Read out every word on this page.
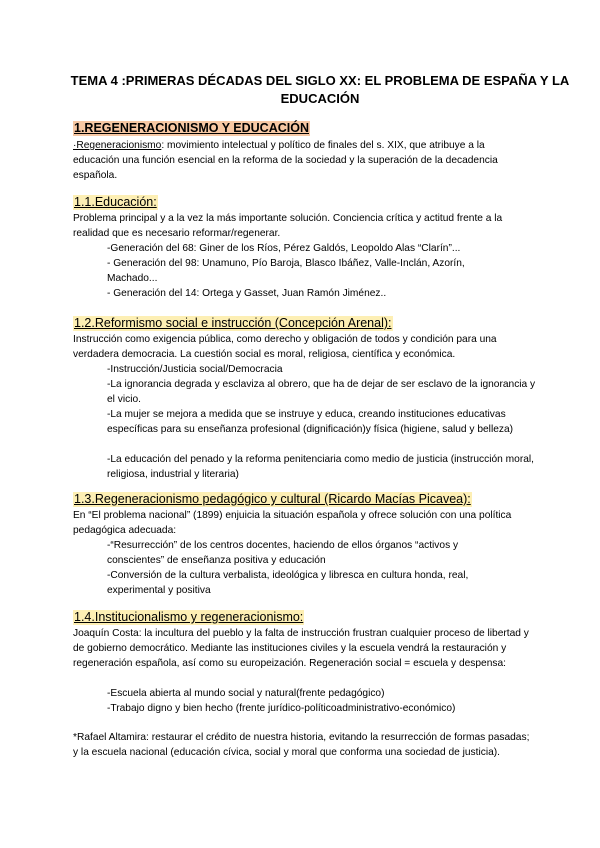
TEMA 4 :PRIMERAS DÉCADAS DEL SIGLO XX: EL PROBLEMA DE ESPAÑA Y LA EDUCACIÓN
1.REGENERACIONISMO Y EDUCACIÓN
·Regeneracionismo: movimiento intelectual y político de finales del s. XIX, que atribuye a la educación una función esencial en la reforma de la sociedad y la superación de la decadencia española.
1.1.Educación:
Problema principal y a la vez la más importante solución. Conciencia crítica y actitud frente a la realidad que es necesario reformar/regenerar.
-Generación del 68: Giner de los Ríos, Pérez Galdós, Leopoldo Alas “Clarín”...
- Generación del 98: Unamuno, Pío Baroja, Blasco Ibáñez, Valle-Inclán, Azorín, Machado...
- Generación del 14: Ortega y Gasset, Juan Ramón Jiménez..
1.2.Reformismo social e instrucción (Concepción Arenal):
Instrucción como exigencia pública, como derecho y obligación de todos y condición para una verdadera democracia. La cuestión social es moral, religiosa, científica y económica.
-Instrucción/Justicia social/Democracia
-La ignorancia degrada y esclaviza al obrero, que ha de dejar de ser esclavo de la ignorancia y el vicio.
-La mujer se mejora a medida que se instruye y educa, creando instituciones educativas específicas para su enseñanza profesional (dignificación)y física (higiene, salud y belleza)
-La educación del penado y la reforma penitenciaria como medio de justicia (instrucción moral, religiosa, industrial y literaria)
1.3.Regeneracionismo pedagógico y cultural (Ricardo Macías Picavea):
En “El problema nacional” (1899) enjuicia la situación española y ofrece solución con una política pedagógica adecuada:
-“Resurrección” de los centros docentes, haciendo de ellos órganos “activos y conscientes” de enseñanza positiva y educación
-Conversión de la cultura verbalista, ideológica y libresca en cultura honda, real, experimental y positiva
1.4.Institucionalismo y regeneracionismo:
Joaquín Costa: la incultura del pueblo y la falta de instrucción frustran cualquier proceso de libertad y de gobierno democrático. Mediante las instituciones civiles y la escuela vendrá la restauración y regeneración española, así como su europeización. Regeneración social = escuela y despensa:
-Escuela abierta al mundo social y natural(frente pedagógico)
-Trabajo digno y bien hecho (frente jurídico-políticoadministrativo-económico)
*Rafael Altamira: restaurar el crédito de nuestra historia, evitando la resurrección de formas pasadas; y la escuela nacional (educación cívica, social y moral que conforma una sociedad de justicia).
